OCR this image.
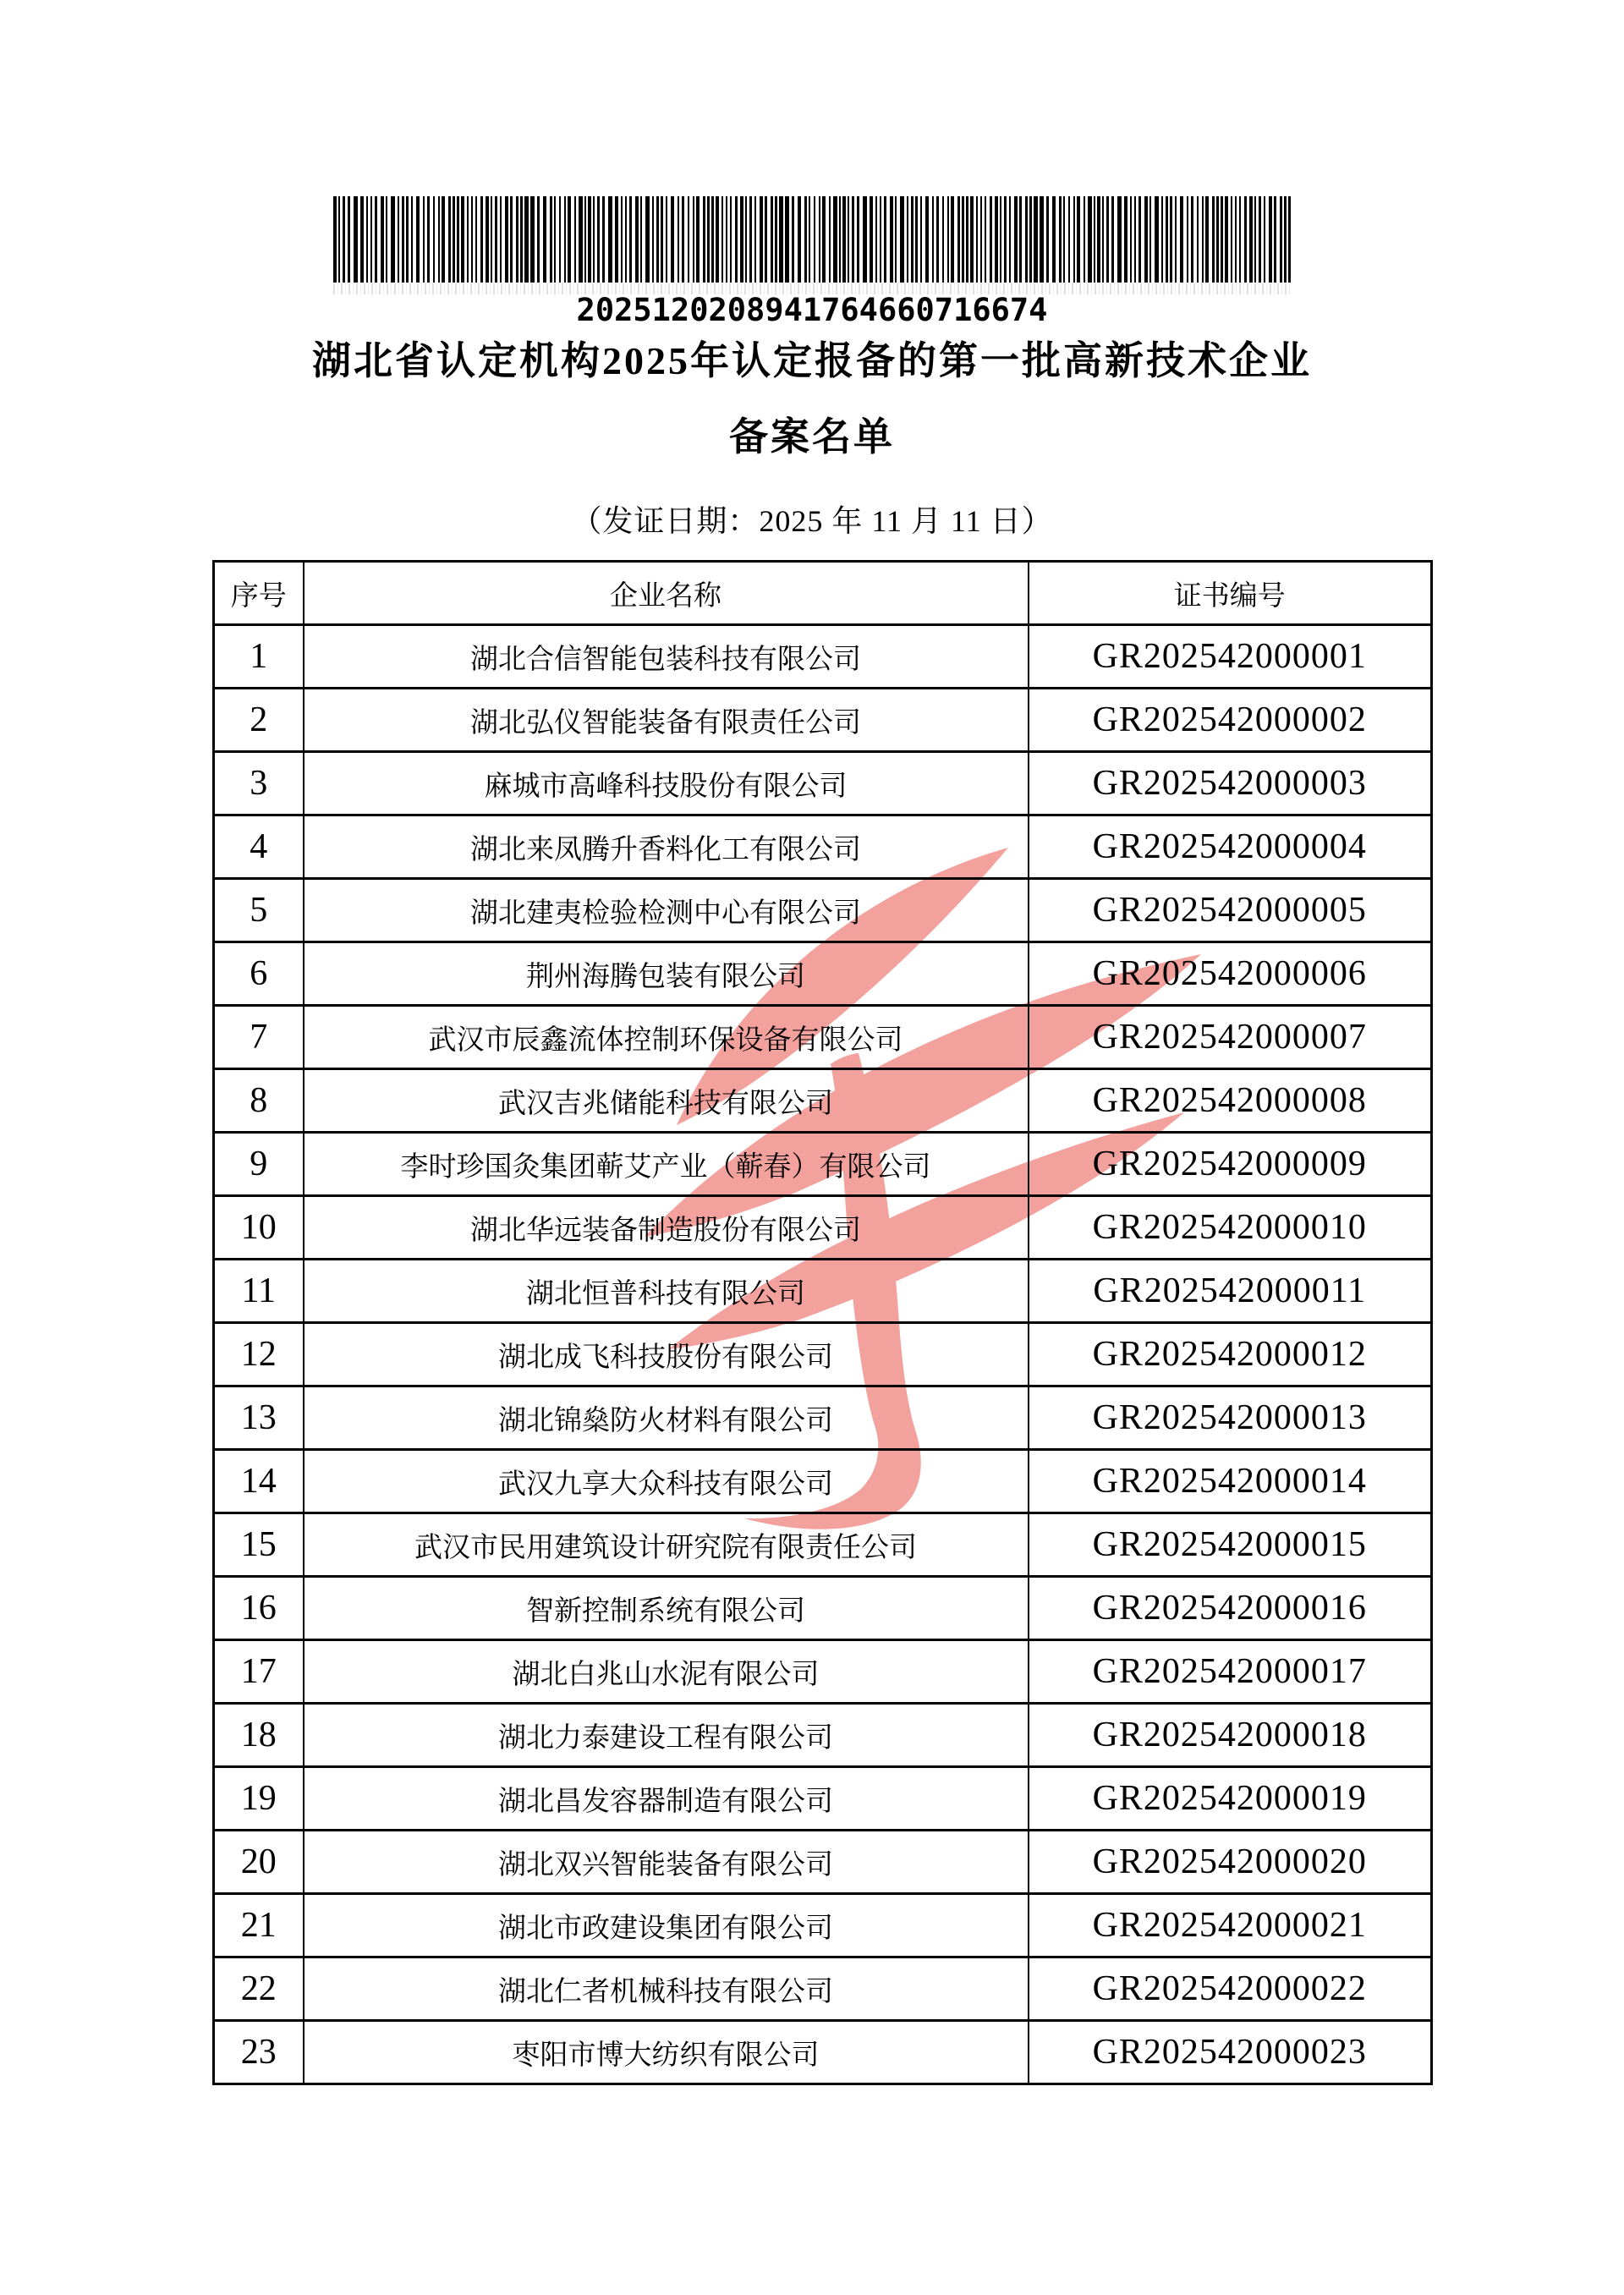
2025120208941764660716674
湖北省认定机构2025年认定报备的第一批高新技术企业
备案名单
（发证日期：2025 年 11 月 11 日）
序号	企业名称	证书编号
1	湖北合信智能包装科技有限公司	GR202542000001
2	湖北弘仪智能装备有限责任公司	GR202542000002
3	麻城市高峰科技股份有限公司	GR202542000003
4	湖北来凤腾升香料化工有限公司	GR202542000004
5	湖北建夷检验检测中心有限公司	GR202542000005
6	荆州海腾包装有限公司	GR202542000006
7	武汉市辰鑫流体控制环保设备有限公司	GR202542000007
8	武汉吉兆储能科技有限公司	GR202542000008
9	李时珍国灸集团蕲艾产业（蕲春）有限公司	GR202542000009
10	湖北华远装备制造股份有限公司	GR202542000010
11	湖北恒普科技有限公司	GR202542000011
12	湖北成飞科技股份有限公司	GR202542000012
13	湖北锦燊防火材料有限公司	GR202542000013
14	武汉九享大众科技有限公司	GR202542000014
15	武汉市民用建筑设计研究院有限责任公司	GR202542000015
16	智新控制系统有限公司	GR202542000016
17	湖北白兆山水泥有限公司	GR202542000017
18	湖北力泰建设工程有限公司	GR202542000018
19	湖北昌发容器制造有限公司	GR202542000019
20	湖北双兴智能装备有限公司	GR202542000020
21	湖北市政建设集团有限公司	GR202542000021
22	湖北仁者机械科技有限公司	GR202542000022
23	枣阳市博大纺织有限公司	GR202542000023
